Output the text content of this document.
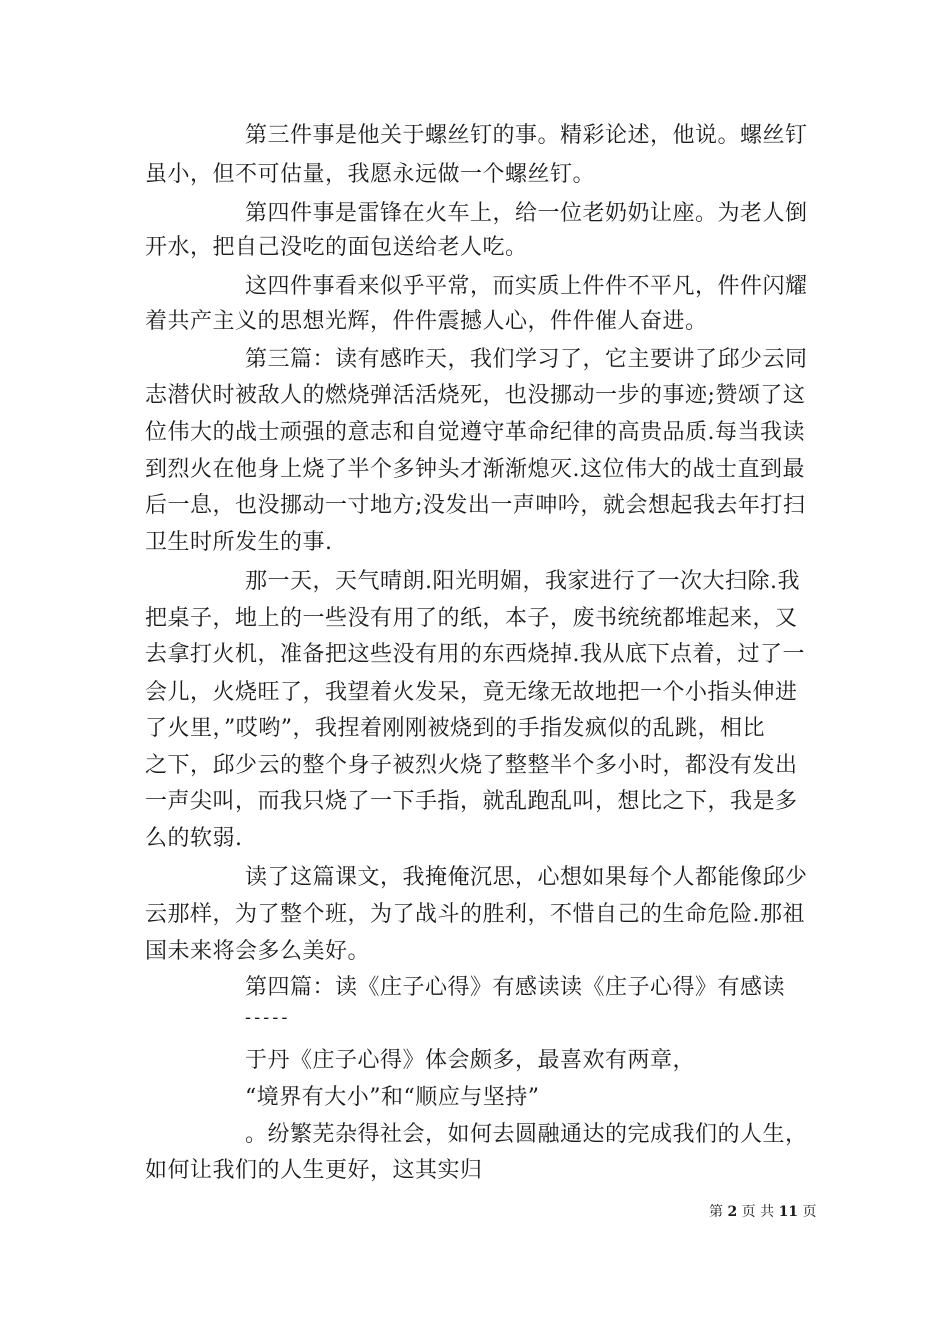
第三件事是他关于螺丝钉的事。精彩论述，他说。螺丝钉
虽小，但不可估量，我愿永远做一个螺丝钉。
第四件事是雷锋在火车上，给一位老奶奶让座。为老人倒
开水，把自己没吃的面包送给老人吃。
这四件事看来似乎平常，而实质上件件不平凡，件件闪耀
着共产主义的思想光辉，件件震撼人心，件件催人奋进。
第三篇：读有感昨天，我们学习了，它主要讲了邱少云同
志潜伏时被敌人的燃烧弹活活烧死，也没挪动一步的事迹;赞颂了这
位伟大的战士顽强的意志和自觉遵守革命纪律的高贵品质.每当我读
到烈火在他身上烧了半个多钟头才渐渐熄灭.这位伟大的战士直到最
后一息，也没挪动一寸地方;没发出一声呻吟，就会想起我去年打扫
卫生时所发生的事.
那一天，天气晴朗.阳光明媚，我家进行了一次大扫除.我
把桌子，地上的一些没有用了的纸，本子，废书统统都堆起来，又
去拿打火机，准备把这些没有用的东西烧掉.我从底下点着，过了一
会儿，火烧旺了，我望着火发呆，竟无缘无故地把一个小指头伸进
了火里，”哎哟”，我捏着刚刚被烧到的手指发疯似的乱跳，相比
之下，邱少云的整个身子被烈火烧了整整半个多小时，都没有发出
一声尖叫，而我只烧了一下手指，就乱跑乱叫，想比之下，我是多
么的软弱.
读了这篇课文，我掩俺沉思，心想如果每个人都能像邱少
云那样，为了整个班，为了战斗的胜利，不惜自己的生命危险.那祖
国未来将会多么美好。
第四篇：读《庄子心得》有感读读《庄子心得》有感读
-----
于丹《庄子心得》体会颇多，最喜欢有两章，
“境界有大小”和“顺应与坚持”
。纷繁芜杂得社会，如何去圆融通达的完成我们的人生，
如何让我们的人生更好，这其实归
第 2 页 共 11 页
